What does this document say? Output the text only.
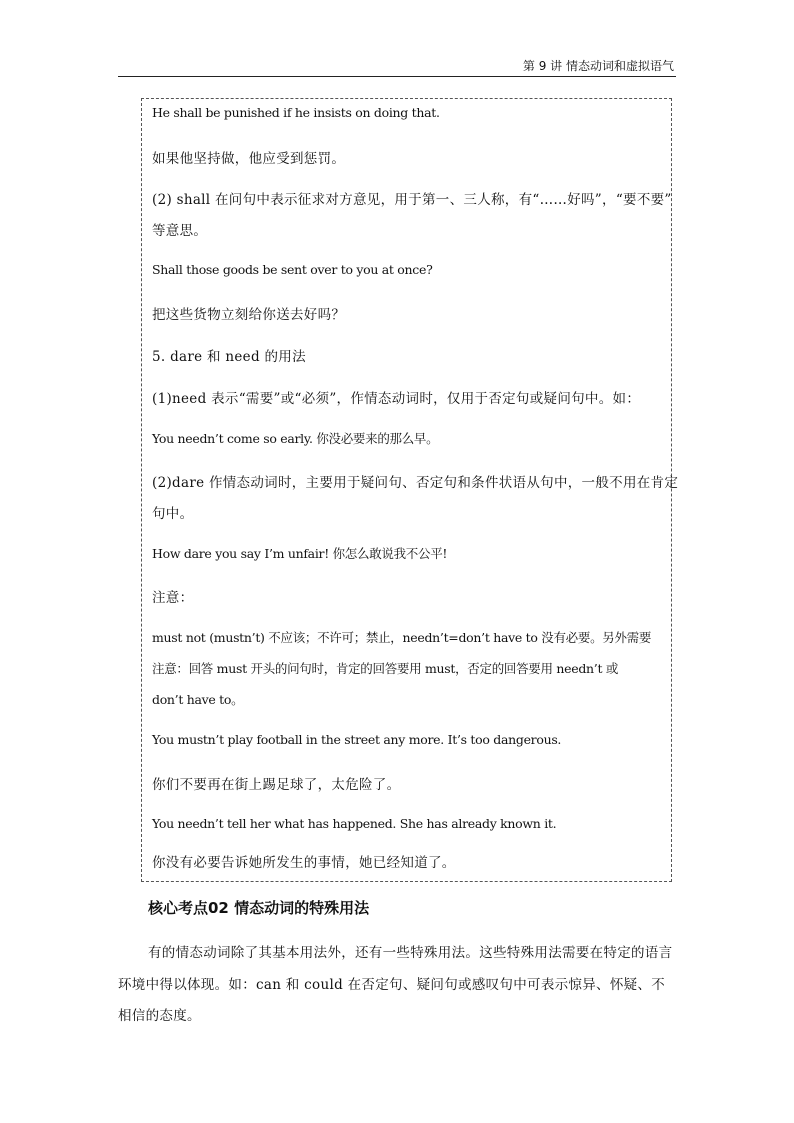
第 9 讲 情态动词和虚拟语气
He shall be punished if he insists on doing that.
如果他坚持做，他应受到惩罚。
(2) shall 在问句中表示征求对方意见，用于第一、三人称，有“……好吗”，“要不要”
等意思。
Shall those goods be sent over to you at once?
把这些货物立刻给你送去好吗？
5. dare 和 need 的用法
(1)need 表示“需要”或“必须”，作情态动词时，仅用于否定句或疑问句中。如：
You needn’t come so early. 你没必要来的那么早。
(2)dare 作情态动词时，主要用于疑问句、否定句和条件状语从句中，一般不用在肯定
句中。
How dare you say I’m unfair! 你怎么敢说我不公平!
注意：
must not (mustn’t) 不应该；不许可；禁止，needn’t=don’t have to 没有必要。另外需要
注意：回答 must 开头的问句时，肯定的回答要用 must，否定的回答要用 needn’t 或
don’t have to。
You mustn’t play football in the street any more. It’s too dangerous.
你们不要再在街上踢足球了，太危险了。
You needn’t tell her what has happened. She has already known it.
你没有必要告诉她所发生的事情，她已经知道了。
核心考点02 情态动词的特殊用法
有的情态动词除了其基本用法外，还有一些特殊用法。这些特殊用法需要在特定的语言
环境中得以体现。如：can 和 could 在否定句、疑问句或感叹句中可表示惊异、怀疑、不
相信的态度。
